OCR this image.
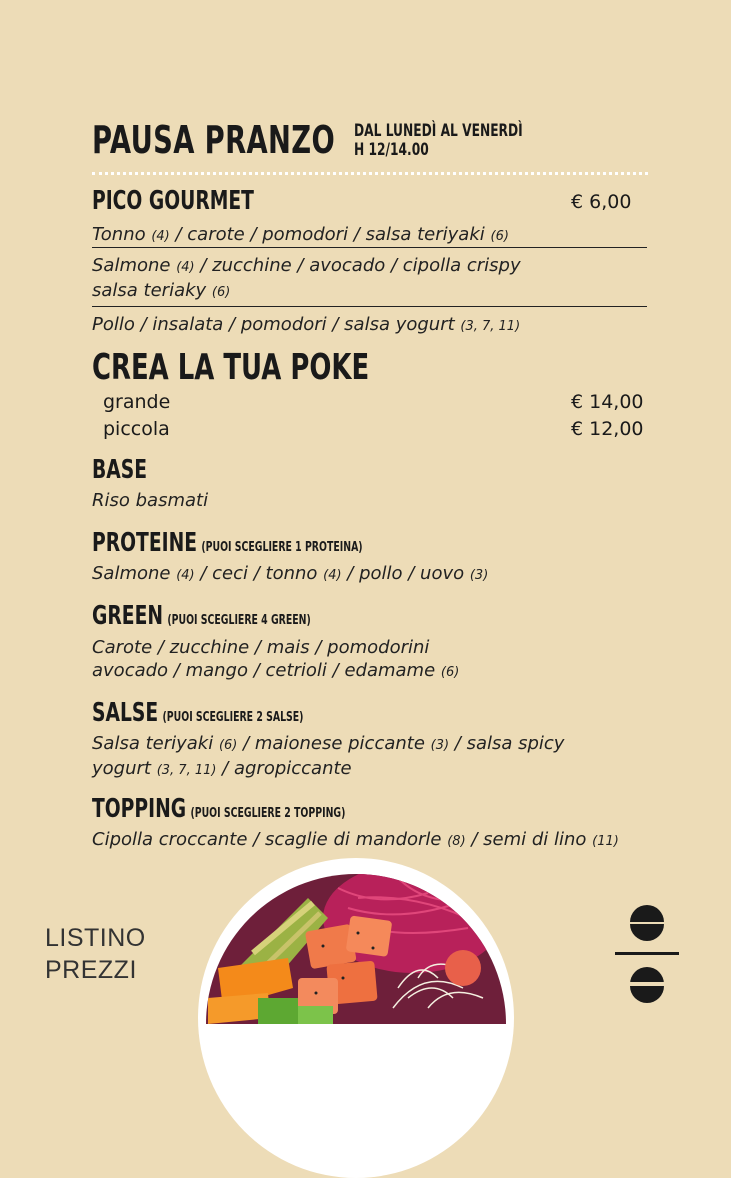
PAUSA PRANZO DAL LUNEDÌ AL VENERDÌ
H 12/14.00
PICO GOURMET	€ 6,00
Tonno (4) / carote / pomodori / salsa teriyaki (6)
Salmone (4) / zucchine / avocado / cipolla crispy
salsa teriaky (6)
Pollo / insalata / pomodori / salsa yogurt (3, 7, 11)
CREA LA TUA POKE
grande	€ 14,00
piccola	€ 12,00
BASE
Riso basmati
PROTEINE (PUOI SCEGLIERE 1 PROTEINA)
Salmone (4) / ceci / tonno (4) / pollo / uovo (3)
GREEN (PUOI SCEGLIERE 4 GREEN)
Carote / zucchine / mais / pomodorini
avocado / mango / cetrioli / edamame (6)
SALSE (PUOI SCEGLIERE 2 SALSE)
Salsa teriyaki (6) / maionese piccante (3) / salsa spicy
yogurt (3, 7, 11) / agropiccante
TOPPING (PUOI SCEGLIERE 2 TOPPING)
Cipolla croccante / scaglie di mandorle (8) / semi di lino (11)
LISTINO
PREZZI
